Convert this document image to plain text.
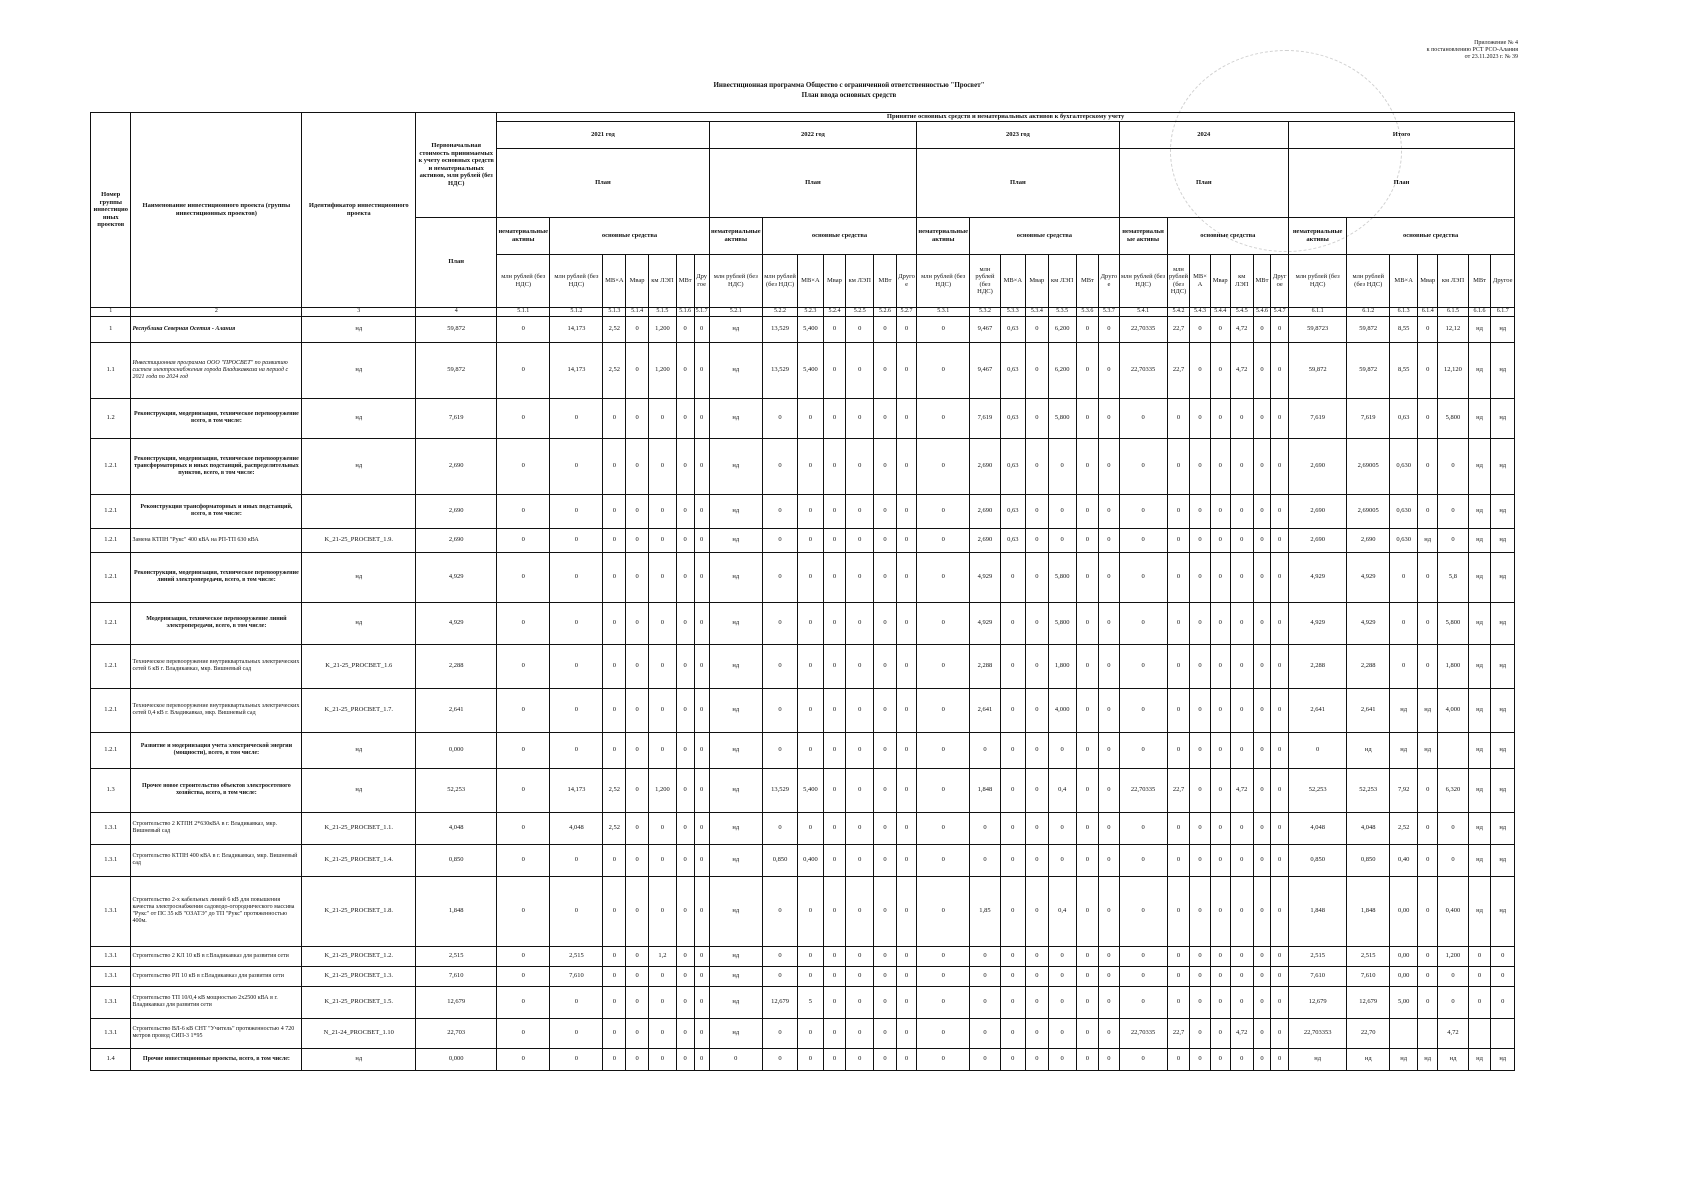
Приложение № 4
к постановлению РСТ РСО-Алания
от 23.11.2023 г. № 39
Инвестиционная программа Общество с ограниченной ответственностью "Просвет"
План ввода основных средств
Номер группы инвестиционных проектов	Наименование инвестиционного проекта (группы инвестиционных проектов)	Идентификатор инвестиционного проекта	Первоначальная стоимость принимаемых к учету основных средств и нематериальных активов, млн рублей (без НДС)	Принятие основных средств и нематериальных активов к бухгалтерскому учету																																		
				2021 год							2022 год							2023 год							2024							Итого						
				План							План							План							План							План						
			План	нематериальные активы	основные средства						нематериальные активы	основные средства						нематериальные активы	основные средства						нематериальные активы	основные средства						нематериальные активы	основные средства					
				млн рублей (без НДС)	млн рублей (без НДС)	МВ×А	Мвар	км ЛЭП	МВт	Другое	млн рублей (без НДС)	млн рублей (без НДС)	МВ×А	Мвар	км ЛЭП	МВт	Другое	млн рублей (без НДС)	млн рублей (без НДС)	МВ×А	Мвар	км ЛЭП	МВт	Другое	млн рублей (без НДС)	млн рублей (без НДС)	МВ×А	Мвар	км ЛЭП	МВт	Другое	млн рублей (без НДС)	млн рублей (без НДС)	МВ×А	Мвар	км ЛЭП	МВт	Другое
1	2	3	4	5.1.1	5.1.2	5.1.3	5.1.4	5.1.5	5.1.6	5.1.7	5.2.1	5.2.2	5.2.3	5.2.4	5.2.5	5.2.6	5.2.7	5.3.1	5.3.2	5.3.3	5.3.4	5.3.5	5.3.6	5.3.7	5.4.1	5.4.2	5.4.3	5.4.4	5.4.5	5.4.6	5.4.7	6.1.1	6.1.2	6.1.3	6.1.4	6.1.5	6.1.6	6.1.7
1	Республика Северная Осетия - Алания	нд	59,872	0	14,173	2,52	0	1,200	0	0	нд	13,529	5,400	0	0	0	0	0	9,467	0,63	0	6,200	0	0	22,70335	22,7	0	0	4,72	0	0	59,8723	59,872	8,55	0	12,12	нд	нд
1.1	Инвестиционная программа ООО "ПРОСВЕТ" по развитию систем электроснабжения города Владикавказа на период с 2021 года по 2024 год	нд	59,872	0	14,173	2,52	0	1,200	0	0	нд	13,529	5,400	0	0	0	0	0	9,467	0,63	0	6,200	0	0	22,70335	22,7	0	0	4,72	0	0	59,872	59,872	8,55	0	12,120	нд	нд
1.2	Реконструкция, модернизация, техническое перевооружение всего, в том числе:	нд	7,619	0	0	0	0	0	0	0	нд	0	0	0	0	0	0	0	7,619	0,63	0	5,800	0	0	0	0	0	0	0	0	0	7,619	7,619	0,63	0	5,800	нд	нд
1.2.1	Реконструкция, модернизация, техническое перевооружение трансформаторных и иных подстанций, распределительных пунктов, всего, в том числе:	нд	2,690	0	0	0	0	0	0	0	нд	0	0	0	0	0	0	0	2,690	0,63	0	0	0	0	0	0	0	0	0	0	0	2,690	2,69005	0,630	0	0	нд	нд
1.2.1	Реконструкция трансформаторных и иных подстанций, всего, в том числе:		2,690	0	0	0	0	0	0	0	нд	0	0	0	0	0	0	0	2,690	0,63	0	0	0	0	0	0	0	0	0	0	0	2,690	2,69005	0,630	0	0	нд	нд
1.2.1	Замена КТПН "Рукс" 400 кВА на РП-ТП 630 кВА	K_21-25_PROCBET_1.9.	2,690	0	0	0	0	0	0	0	нд	0	0	0	0	0	0	0	2,690	0,63	0	0	0	0	0	0	0	0	0	0	0	2,690	2,690	0,630	нд	0	нд	нд
1.2.1	Реконструкция, модернизация, техническое перевооружение линий электропередачи, всего, в том числе:	нд	4,929	0	0	0	0	0	0	0	нд	0	0	0	0	0	0	0	4,929	0	0	5,800	0	0	0	0	0	0	0	0	0	4,929	4,929	0	0	5,8	нд	нд
1.2.1	Модернизация, техническое перевооружение линий электропередачи, всего, в том числе:	нд	4,929	0	0	0	0	0	0	0	нд	0	0	0	0	0	0	0	4,929	0	0	5,800	0	0	0	0	0	0	0	0	0	4,929	4,929	0	0	5,800	нд	нд
1.2.1	Техническое перевооружение внутриквартальных электрических сетей 6 кВ г. Владикавказ, мкр. Вишневый сад	K_21-25_PROCBET_1.6	2,288	0	0	0	0	0	0	0	нд	0	0	0	0	0	0	0	2,288	0	0	1,800	0	0	0	0	0	0	0	0	0	2,288	2,288	0	0	1,800	нд	нд
1.2.1	Техническое перевооружение внутриквартальных электрических сетей 0,4 кВ г. Владикавказ, мкр. Вишневый сад	K_21-25_PROCBET_1.7.	2,641	0	0	0	0	0	0	0	нд	0	0	0	0	0	0	0	2,641	0	0	4,000	0	0	0	0	0	0	0	0	0	2,641	2,641	нд	нд	4,000	нд	нд
1.2.1	Развитие и модернизация учета электрической энергии (мощности), всего, в том числе:	нд	0,000	0	0	0	0	0	0	0	нд	0	0	0	0	0	0	0	0	0	0	0	0	0	0	0	0	0	0	0	0	0	нд	нд	нд		нд	нд
1.3	Прочее новое строительство объектов электросетевого хозяйства, всего, в том числе:	нд	52,253	0	14,173	2,52	0	1,200	0	0	нд	13,529	5,400	0	0	0	0	0	1,848	0	0	0,4	0	0	22,70335	22,7	0	0	4,72	0	0	52,253	52,253	7,92	0	6,320	нд	нд
1.3.1	Строительство 2 КТПН 2*630кВА в г. Владикавказ, мкр. Вишневый сад	K_21-25_PROCBET_1.1.	4,048	0	4,048	2,52	0	0	0	0	нд	0	0	0	0	0	0	0	0	0	0	0	0	0	0	0	0	0	0	0	0	4,048	4,048	2,52	0	0	нд	нд
1.3.1	Строительство КТПН 400 кВА в г. Владикавказ, мкр. Вишневый сад	K_21-25_PROCBET_1.4.	0,850	0	0	0	0	0	0	0	нд	0,850	0,400	0	0	0	0	0	0	0	0	0	0	0	0	0	0	0	0	0	0	0,850	0,850	0,40	0	0	нд	нд
1.3.1	Строительство 2-х кабельных линий 6 кВ для повышения качества электроснабжения садоводо-огороднического массива "Рукс" от ПС 35 кВ "ОЗАТЭ" до ТП "Рукс" протяженностью 400м.	K_21-25_PROCBET_1.8.	1,848	0	0	0	0	0	0	0	нд	0	0	0	0	0	0	0	1,85	0	0	0,4	0	0	0	0	0	0	0	0	0	1,848	1,848	0,00	0	0,400	нд	нд
1.3.1	Строительство 2 КЛ 10 кВ в г.Владикавказ для развития сети	K_21-25_PROCBET_1.2.	2,515	0	2,515	0	0	1,2	0	0	нд	0	0	0	0	0	0	0	0	0	0	0	0	0	0	0	0	0	0	0	0	2,515	2,515	0,00	0	1,200	0	0
1.3.1	Строительство РП 10 кВ в г.Владикавказ для развития сети	K_21-25_PROCBET_1.3.	7,610	0	7,610	0	0	0	0	0	нд	0	0	0	0	0	0	0	0	0	0	0	0	0	0	0	0	0	0	0	0	7,610	7,610	0,00	0	0	0	0
1.3.1	Строительство ТП 10/0,4 кВ мощностью 2х2500 кВА в г. Владикавказ для развития сети	K_21-25_PROCBET_1.5.	12,679	0	0	0	0	0	0	0	нд	12,679	5	0	0	0	0	0	0	0	0	0	0	0	0	0	0	0	0	0	0	12,679	12,679	5,00	0	0	0	0
1.3.1	Строительство ВЛ-6 кВ СНТ "Учитель" протяженностью 4 720 метров провод СИП-3 1*95	N_21-24_PROCBET_1.10	22,703	0	0	0	0	0	0	0	нд	0	0	0	0	0	0	0	0	0	0	0	0	0	22,70335	22,7	0	0	4,72	0	0	22,703353	22,70			4,72		
1.4	Прочие инвестиционные проекты, всего, в том числе:	нд	0,000	0	0	0	0	0	0	0	0	0	0	0	0	0	0	0	0	0	0	0	0	0	0	0	0	0	0	0	0	нд	нд	нд	нд	нд	нд	нд
